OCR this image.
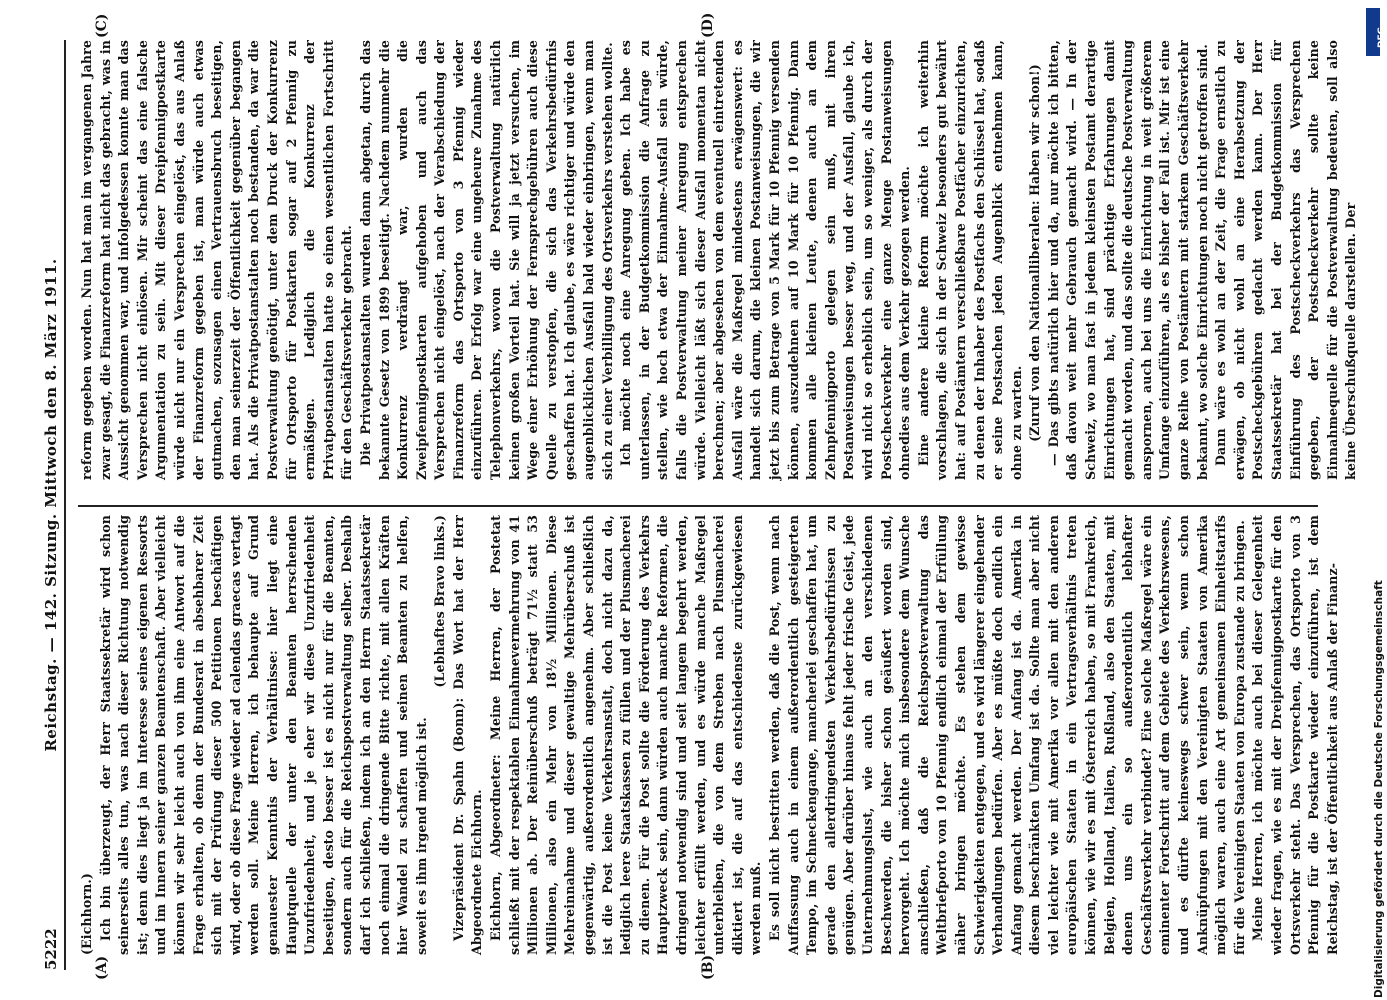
5222
Reichstag. — 142. Sitzung. Mittwoch den 8. März 1911.
(A)	(B)
(C)	(D)

(Eichhorn.) Ich bin überzeugt, der Herr Staatssekretär wird schon seinerseits alles tun, was nach dieser Richtung notwendig ist; denn dies liegt ja im Interesse seines eigenen Ressorts und im Innern seiner ganzen Beamtenschaft. Aber vielleicht können wir sehr leicht auch von ihm eine Antwort auf die Frage erhalten, ob denn der Bundesrat in absehbarer Zeit sich mit der Prüfung dieser 500 Petitionen beschäftigen wird, oder ob diese Frage wieder ad calendas graecas vertagt werden soll. Meine Herren, ich behaupte auf Grund genauester Kenntnis der Verhältnisse: hier liegt eine Hauptquelle der unter den Beamten herrschenden Unzufriedenheit, und je eher wir diese Unzufriedenheit beseitigen, desto besser ist es nicht nur für die Beamten, sondern auch für die Reichspostverwaltung selber. Deshalb darf ich schließen, indem ich an den Herrn Staatssekretär noch einmal die dringende Bitte richte, mit allen Kräften hier Wandel zu schaffen und seinen Beamten zu helfen, soweit es ihm irgend möglich ist.

(Lebhaftes Bravo links.) Vizepräsident Dr. Spahn (Bonn): Das Wort hat der Herr Abgeordnete Eichhorn. Eichhorn, Abgeordneter: Meine Herren, der Postetat schließt mit der respektablen Einnahmevermehrung von 41 Millionen ab. Der Reinüberschuß beträgt 71½ statt 53 Millionen, also ein Mehr von 18½ Millionen. Diese Mehreinnahme und dieser gewaltige Mehrüberschuß ist gegenwärtig, außerordentlich angenehm. Aber schließlich ist die Post keine Verkehrsanstalt, doch nicht dazu da, lediglich leere Staatskassen zu füllen und der Plusmacherei zu dienen. Für die Post sollte die Förderung des Verkehrs Hauptzweck sein, dann würden auch manche Reformen, die dringend notwendig sind und seit langem begehrt werden, leichter erfüllt werden, und es würde manche Maßregel unterbleiben, die von dem Streben nach Plusmacherei diktiert ist, die auf das entschiedenste zurückgewiesen werden muß. Es soll nicht bestritten werden, daß die Post, wenn nach Auffassung auch in einem außerordentlich gesteigerten Tempo, im Schneckengange, mancherlei geschaffen hat, um gerade den allerdringendsten Verkehrsbedürfnissen zu genügen. Aber darüber hinaus fehlt jeder frische Geist, jede Unternehmungslust, wie auch an den verschiedenen Beschwerden, die bisher schon geäußert worden sind, hervorgeht. Ich möchte mich insbesondere dem Wunsche anschließen, daß die Reichspostverwaltung das Weltbriefporto von 10 Pfennig endlich einmal der Erfüllung näher bringen möchte. Es stehen dem gewisse Schwierigkeiten entgegen, und es wird längerer eingehender Verhandlungen bedürfen. Aber es müßte doch endlich ein Anfang gemacht werden. Der Anfang ist da. Amerika in diesem beschränkten Umfang ist da. Sollte man aber nicht viel leichter wie mit Amerika vor allen mit den anderen europäischen Staaten in ein Vertragsverhältnis treten können, wie wir es mit Österreich haben, so mit Frankreich, Belgien, Holland, Italien, Rußland, also den Staaten, mit denen uns ein so außerordentlich lebhafter Geschäftsverkehr verbindet? Eine solche Maßregel wäre ein eminenter Fortschritt auf dem Gebiete des Verkehrswesens, und es dürfte keineswegs schwer sein, wenn schon Anknüpfungen mit den Vereinigten Staaten von Amerika möglich waren, auch eine Art gemeinsamen Einheitstarifs für die Vereinigten Staaten von Europa zustande zu bringen. Meine Herren, ich möchte auch bei dieser Gelegenheit wieder fragen, wie es mit der Dreipfennigpostkarte für den Ortsverkehr steht. Das Versprechen, das Ortsporto von 3 Pfennig für die Postkarte wieder einzuführen, ist dem Reichstag, ist der Öffentlichkeit aus Anlaß der Finanz-

reform gegeben worden. Nun hat man im vergangenen Jahre zwar gesagt, die Finanzreform hat nicht das gebracht, was in Aussicht genommen war, und infolgedessen konnte man das Versprechen nicht einlösen. Mir scheint das eine falsche Argumentation zu sein. Mit dieser Dreipfennigpostkarte würde nicht nur ein Versprechen eingelöst, das aus Anlaß der Finanzreform gegeben ist, man würde auch etwas gutmachen, sozusagen einen Vertrauensbruch beseitigen, den man seinerzeit der Öffentlichkeit gegenüber begangen hat. Als die Privatpostanstalten noch bestanden, da war die Postverwaltung genötigt, unter dem Druck der Konkurrenz für Ortsporto für Postkarten sogar auf 2 Pfennig zu ermäßigen. Lediglich die Konkurrenz der Privatpostanstalten hatte so einen wesentlichen Fortschritt für den Geschäftsverkehr gebracht. Die Privatpostanstalten wurden dann abgetan, durch das bekannte Gesetz von 1899 beseitigt. Nachdem nunmehr die Konkurrenz verdrängt war, wurden die Zweipfennigpostkarten aufgehoben und auch das Versprechen nicht eingelöst, nach der Verabschiedung der Finanzreform das Ortsporto von 3 Pfennig wieder einzuführen. Der Erfolg war eine ungeheure Zunahme des Telephonverkehrs, wovon die Postverwaltung natürlich keinen großen Vorteil hat. Sie will ja jetzt versuchen, im Wege einer Erhöhung der Fernsprechgebühren auch diese Quelle zu verstopfen, die sich das Verkehrsbedürfnis geschaffen hat. Ich glaube, es wäre richtiger und würde den augenblicklichen Ausfall bald wieder einbringen, wenn man sich zu einer Verbilligung des Ortsverkehrs verstehen wollte. Ich möchte noch eine Anregung geben. Ich habe es unterlassen, in der Budgetkommission die Anfrage zu stellen, wie hoch etwa der Einnahme-Ausfall sein würde, falls die Postverwaltung meiner Anregung entsprechen würde. Vielleicht läßt sich dieser Ausfall momentan nicht berechnen; aber abgesehen von dem eventuell eintretenden Ausfall wäre die Maßregel mindestens erwägenswert: es handelt sich darum, die kleinen Postanweisungen, die wir jetzt bis zum Betrage von 5 Mark für 10 Pfennig versenden können, auszudehnen auf 10 Mark für 10 Pfennig. Dann kommen alle kleinen Leute, denen auch an dem Zehnpfennigporto gelegen sein muß, mit ihren Postanweisungen besser weg, und der Ausfall, glaube ich, wird nicht so erheblich sein, um so weniger, als durch der Postscheckverkehr eine ganze Menge Postanweisungen ohnedies aus dem Verkehr gezogen werden. Eine andere kleine Reform möchte ich weiterhin vorschlagen, die sich in der Schweiz besonders gut bewährt hat: auf Postämtern verschließbare Postfächer einzurichten, zu denen der Inhaber des Postfachs den Schlüssel hat, sodaß er seine Postsachen jeden Augenblick entnehmen kann, ohne zu warten. (Zuruf von den Nationalliberalen: Haben wir schon!) — Das gibts natürlich hier und da, nur möchte ich bitten, daß davon weit mehr Gebrauch gemacht wird. — In der Schweiz, wo man fast in jedem kleinsten Postamt derartige Einrichtungen hat, sind prächtige Erfahrungen damit gemacht worden, und das sollte die deutsche Postverwaltung anspornen, auch bei uns die Einrichtung in weit größerem Umfange einzuführen, als es bisher der Fall ist. Mir ist eine ganze Reihe von Postämtern mit starkem Geschäftsverkehr bekannt, wo solche Einrichtungen noch nicht getroffen sind. Dann wäre es wohl an der Zeit, die Frage ernstlich zu erwägen, ob nicht wohl an eine Herabsetzung der Postscheckgebühren gedacht werden kann. Der Herr Staatssekretär hat bei der Budgetkommission für Einführung des Postscheckverkehrs das Versprechen gegeben, der Postscheckverkehr sollte keine Einnahmequelle für die Postverwaltung bedeuten, soll also keine Überschußquelle darstellen. Der

DFG
Digitalisierung gefördert durch die Deutsche Forschungsgemeinschaft
